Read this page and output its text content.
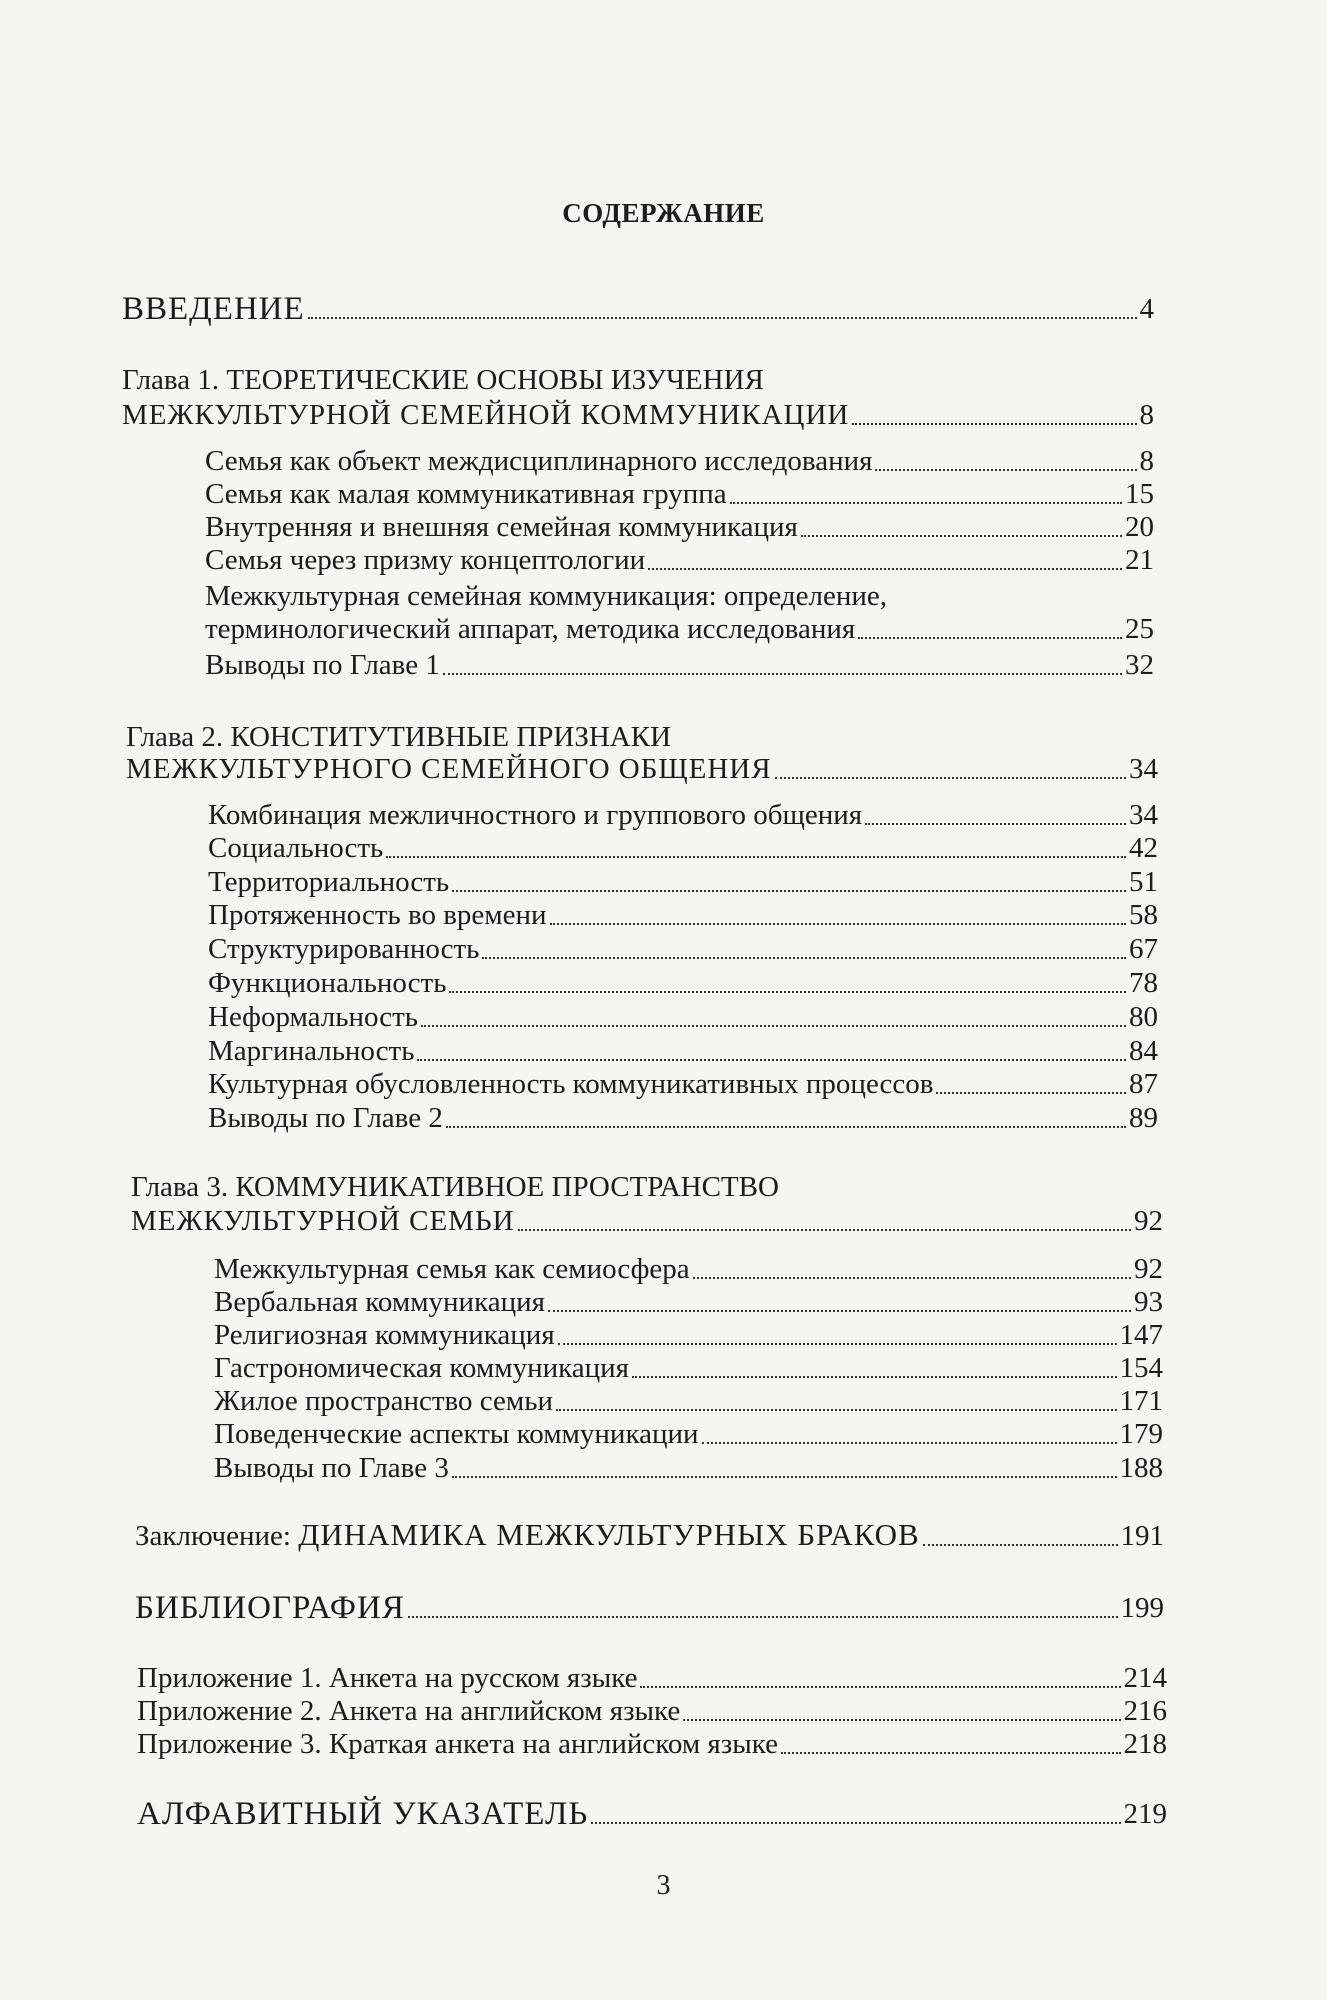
СОДЕРЖАНИЕ
ВВЕДЕНИЕ	4
Глава 1. ТЕОРЕТИЧЕСКИЕ ОСНОВЫ ИЗУЧЕНИЯ
МЕЖКУЛЬТУРНОЙ СЕМЕЙНОЙ КОММУНИКАЦИИ	8
Семья как объект междисциплинарного исследования	8
Семья как малая коммуникативная группа	15
Внутренняя и внешняя семейная коммуникация	20
Семья через призму концептологии	21
Межкультурная семейная коммуникация: определение,
терминологический аппарат, методика исследования	25
Выводы по Главе 1	32
Глава 2. КОНСТИТУТИВНЫЕ ПРИЗНАКИ
МЕЖКУЛЬТУРНОГО СЕМЕЙНОГО ОБЩЕНИЯ	34
Комбинация межличностного и группового общения	34
Социальность	42
Территориальность	51
Протяженность во времени	58
Структурированность	67
Функциональность	78
Неформальность	80
Маргинальность	84
Культурная обусловленность коммуникативных процессов	87
Выводы по Главе 2	89
Глава 3. КОММУНИКАТИВНОЕ ПРОСТРАНСТВО
МЕЖКУЛЬТУРНОЙ СЕМЬИ	92
Межкультурная семья как семиосфера	92
Вербальная коммуникация	93
Религиозная коммуникация	147
Гастрономическая коммуникация	154
Жилое пространство семьи	171
Поведенческие аспекты коммуникации	179
Выводы по Главе 3	188
Заключение: ДИНАМИКА МЕЖКУЛЬТУРНЫХ БРАКОВ	191
БИБЛИОГРАФИЯ	199
Приложение 1. Анкета на русском языке	214
Приложение 2. Анкета на английском языке	216
Приложение 3. Краткая анкета на английском языке	218
АЛФАВИТНЫЙ УКАЗАТЕЛЬ	219
3
